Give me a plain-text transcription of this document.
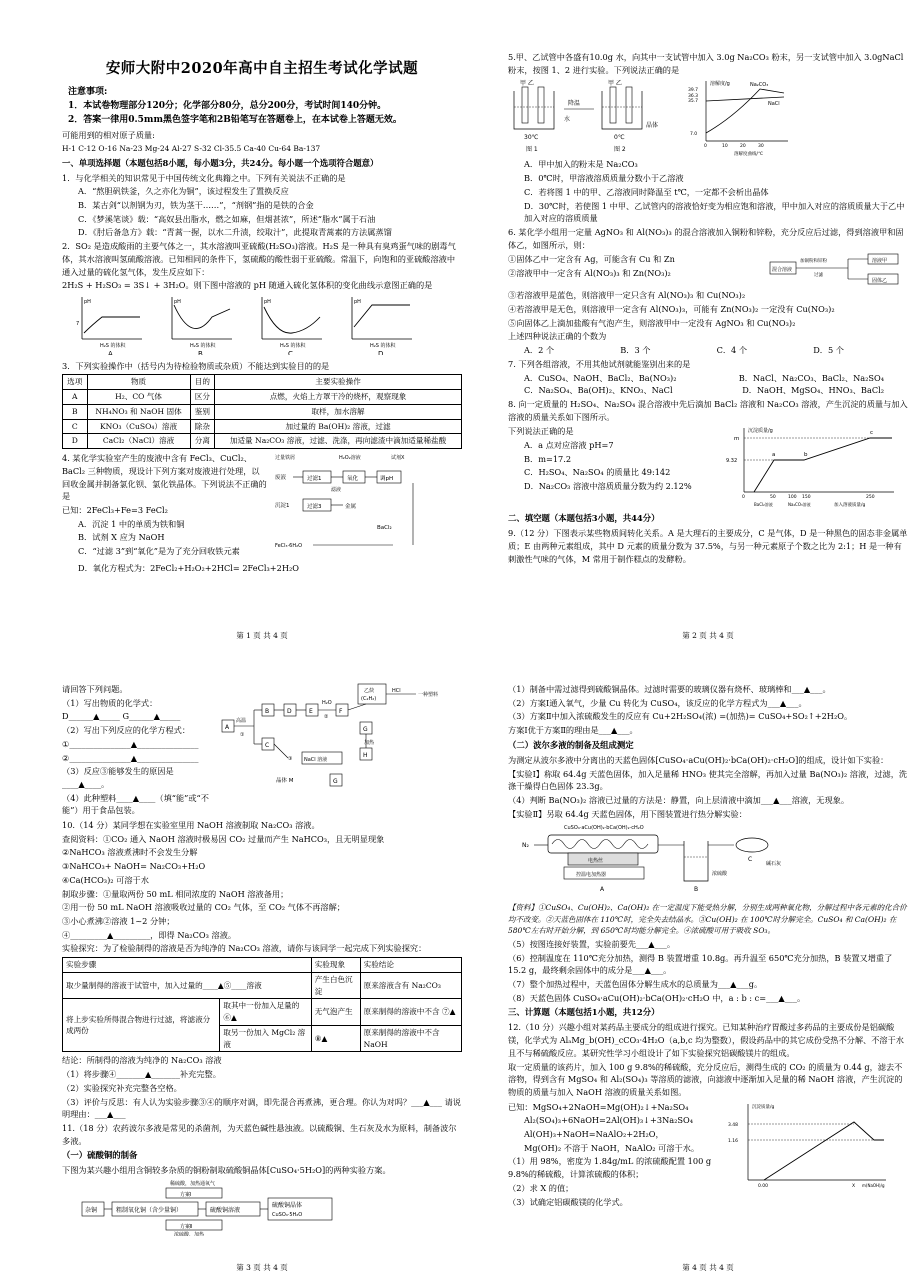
安师大附中2020年高中自主招生考试化学试题
注意事项:
1．本试卷物理部分120分；化学部分80分，总分200分，考试时间140分钟。
2．答案一律用0.5mm黑色签字笔和2B铅笔写在答题卷上，在本试卷上答题无效。
可能用到的相对原子质量:
H-1 C-12 O-16 Na-23 Mg-24 Al-27 S-32 Cl-35.5 Ca-40 Cu-64 Ba-137
一、单项选择题（本题包括8小题，每小题3分，共24分。每小题一个选项符合题意）
1．与化学相关的知识常见于中国传统文化典籍之中。下列有关说法不正确的是
A．“熬胆矾铁釜，久之亦化为铜”，该过程发生了置换反应
B．某古剑“以剂钢为刃，铁为茎干……”，“剂钢”指的是铁的合金
C．《梦溪笔谈》载：“高奴县出脂水，燃之如麻，但烟甚浓”，所述“脂水”属于石油
D．《肘后备急方》载：“青蒿一握，以水二升渍，绞取汁”，此提取青蒿素的方法属蒸馏
2．SO₂ 是造成酸雨的主要气体之一，其水溶液叫亚硫酸(H₂SO₃)溶液。H₂S 是一种具有臭鸡蛋气味的剧毒气体，其水溶液叫氢硫酸溶液。已知相同的条件下，氢硫酸的酸性弱于亚硫酸。常温下，向饱和的亚硫酸溶液中通入过量的硫化氢气体，发生反应如下：
2H₂S + H₂SO₃ = 3S↓ + 3H₂O。则下图中溶液的 pH 随通入硫化氢体积的变化曲线示意图正确的是
pH
7
H₂S 的体积
A
pH
H₂S 的体积
B
pH
H₂S 的体积
C
pH
H₂S 的体积
D
3．下列实验操作中（括号内为待检验物质或杂质）不能达到实验目的的是
选项	物质	目的	主要实验操作
A	H₂、CO 气体	区分	点燃，火焰上方罩干冷的烧杯，观察现象
B	NH₄NO₃ 和 NaOH 固体	鉴别	取样，加水溶解
C	KNO₃（CuSO₄）溶液	除杂	加过量的 Ba(OH)₂ 溶液，过滤
D	CaCl₂（NaCl）溶液	分离	加适量 Na₂CO₃ 溶液，过滤、洗涤，再向滤渣中滴加适量稀盐酸
4. 某化学实验室产生的废液中含有 FeCl₃、CuCl₂、BaCl₂ 三种物质，现设计下列方案对废液进行处理，以回收金属并制备氯化钡、氯化铁晶体。下列说法不正确的是
已知：2FeCl₃+Fe=3 FeCl₂
A．沉淀 1 中的单质为铁和铜
B．试剂 X 应为 NaOH
C．“过滤 3”到“氧化”是为了充分回收铁元素
过量铁屑	H₂O₂溶液	试剂X
废液	过滤1	氧化	调pH
滤液
沉淀1	过滤3	金属
BaCl₂
FeCl₃·6H₂O
D．氧化方程式为：2FeCl₂+H₂O₂+2HCl= 2FeCl₃+2H₂O
第 1 页 共 4 页
5.甲、乙试管中各盛有10.0g 水，向其中一支试管中加入 3.0g Na₂CO₃ 粉末，另一支试管中加入 3.0gNaCl 粉末，按图 1、2 进行实验。下列说法正确的是
甲 乙	甲 乙
降温
水
30℃	0℃
晶体
图 1	图 2
溶解度/g
39.7
36.3
35.7
7.0
0	10	20	30
溶解度曲线/℃
Na₂CO₃
NaCl
A．甲中加入的粉末是 Na₂CO₃
B．0℃时，甲溶液溶质质量分数小于乙溶液
C．若将图 1 中的甲、乙溶液同时降温至 t℃，一定都不会析出晶体
D．30℃时，若使图 1 中甲、乙试管内的溶液恰好变为相应饱和溶液，甲中加入对应的溶质质量大于乙中加入对应的溶质质量
6. 某化学小组用一定量 AgNO₃ 和 Al(NO₃)₃ 的混合溶液加入铜粉和锌粉，充分反应后过滤，得到溶液甲和固体乙，如图所示，则：
①固体乙中一定含有 Ag，可能含有 Cu 和 Zn
②溶液甲中一定含有 Al(NO₃)₃ 和 Zn(NO₃)₂	混合溶液
加铜粉和锌粉
过滤
溶液甲
固体乙
③若溶液甲是蓝色，则溶液甲一定只含有 Al(NO₃)₃ 和 Cu(NO₃)₂
④若溶液甲是无色，则溶液甲一定含有 Al(NO₃)₃，可能有 Zn(NO₃)₂ 一定没有 Cu(NO₃)₂
⑤向固体乙上滴加盐酸有气泡产生，则溶液甲中一定没有 AgNO₃ 和 Cu(NO₃)₂
上述四种说法正确的个数为
A．2 个	B．3 个	C．4 个	D．5 个
7. 下列各组溶液，不用其他试剂就能鉴别出来的是
A．CuSO₄、NaOH、BaCl₂、Ba(NO₃)₂	B．NaCl、Na₂CO₃、BaCl₂、Na₂SO₄
C．Na₂SO₄、Ba(OH)₂、KNO₃、NaCl	D．NaOH、MgSO₄、HNO₃、BaCl₂
8. 向一定质量的 H₂SO₄、Na₂SO₄ 混合溶液中先后滴加 BaCl₂ 溶液和 Na₂CO₃ 溶液，产生沉淀的质量与加入溶液的质量关系如下图所示。
下列说法正确的是
A．a 点对应溶液 pH=7
B．m=17.2
C．H₂SO₄、Na₂SO₄ 的质量比 49:142
D．Na₂CO₃ 溶液中溶质质量分数为约 2.12%
沉淀质量/g
m
9.32
a	b
c
0	50	100 150	250
BaCl₂溶液	Na₂CO₃溶液	加入溶液质量/g
二、填空题（本题包括3小题，共44分）
9.（12 分）下图表示某些物质间转化关系。A 是大理石的主要成分，C 是气体，D 是一种黑色的固态非金属单质；E 由两种元素组成，其中 D 元素的质量分数为 37.5%，与另一种元素原子个数之比为 2:1；H 是一种有刺激性气味的气体，M 常用于制作糕点的发酵粉。
第 2 页 共 4 页
请回答下列问题。
（1）写出物质的化学式：
D______▲_____ G______▲_____
（2）写出下列反应的化学方程式：
①_______________▲_______________
②_______________▲_______________
（3）反应③能够发生的原因是 ____▲____。
（4）此种塑料____▲____（填“能”或“不能”）用于食品包装。
A
高温
①
B	D	E
H₂O
②
F
C
G
加热
乙炔
(C₂H₂)
HCl
一种塑料
H
③ NaCl 溶液
晶体 M	G
10.（14 分）某同学想在实验室里用 NaOH 溶液制取 Na₂CO₃ 溶液。
查阅资料：①CO₂ 通入 NaOH 溶液时极易因 CO₂ 过量而产生 NaHCO₃，且无明显现象
②NaHCO₃ 溶液煮沸时不会发生分解
③NaHCO₃+ NaOH= Na₂CO₃+H₂O
④Ca(HCO₃)₂ 可溶于水
制取步骤：①量取两份 50 mL 相同浓度的 NaOH 溶液备用；
②用一份 50 mL NaOH 溶液吸收过量的 CO₂ 气体，至 CO₂ 气体不再溶解；
③小心煮沸②溶液 1~2 分钟；
④_________▲_________，即得 Na₂CO₃ 溶液。
实验探究：为了检验制得的溶液是否为纯净的 Na₂CO₃ 溶液，请你与该同学一起完成下列实验探究：
实验步骤		实验现象	实验结论
取少量制得的溶液于试管中，加入过量的____▲⑤____溶液		产生白色沉淀	原来溶液含有 Na₂CO₃
将上步实验所得混合物进行过滤，将滤液分成两份	取其中一份加入足量的 ⑥▲	无气泡产生	原来制得的溶液中不含 ⑦▲
	取另一份加入 MgCl₂ 溶液	⑧▲	原来制得的溶液中不含 NaOH
结论：所制得的溶液为纯净的 Na₂CO₃ 溶液
（1）将步骤④_______▲_______补充完整。
（2）实验探究补充完整各空格。
（3）评价与反思：有人认为实验步骤③④的顺序对调，即先混合再煮沸，更合理。你认为对吗？___▲___ 请说明理由：___▲___
11.（18 分）农药波尔多液是常见的杀菌剂，为天蓝色碱性悬浊液。以硫酸铜、生石灰及水为原料，制备波尔多液。
（一）硫酸铜的制备
下图为某兴趣小组用含铜较多杂质的铜粉制取硫酸铜晶体[CuSO₄·5H₂O]的两种实验方案。
稀硫酸，加热通氧气
方案Ⅰ
杂铜	粗制氧化铜（含少量铜）	硫酸铜溶液
硫酸铜晶体
CuSO₄·5H₂O
方案Ⅱ
浓硫酸，加热
第 3 页 共 4 页
（1）制备中需过滤得到硫酸铜晶体。过滤时需要的玻璃仪器有烧杯、玻璃棒和___▲___。
（2）方案Ⅰ通入氧气，少量 Cu 转化为 CuSO₄，该反应的化学方程式为___▲___。
（3）方案Ⅱ中加入浓硫酸发生的反应有 Cu+2H₂SO₄(浓) =(加热)= CuSO₄+SO₂↑+2H₂O。
方案Ⅰ优于方案Ⅱ的理由是___▲___。
（二）波尔多液的制备及组成测定
为测定从波尔多液中分离出的天蓝色固体[CuSO₄·aCu(OH)₂·bCa(OH)₂·cH₂O]的组成，设计如下实验：
【实验Ⅰ】称取 64.4g 天蓝色固体，加入足量稀 HNO₃ 使其完全溶解，再加入过量 Ba(NO₃)₂ 溶液，过滤，洗涤干燥得白色固体 23.3g。
（4）判断 Ba(NO₃)₂ 溶液已过量的方法是：静置，向上层清液中滴加___▲___溶液，无现象。
【实验Ⅱ】另取 64.4g 天蓝色固体，用下图装置进行热分解实验：
CuSO₄·aCu(OH)₂·bCa(OH)₂·cH₂O
N₂
电热丝
控温电加热器	浓硫酸
碱石灰
A	B
C
【资料】①CuSO₄、Cu(OH)₂、Ca(OH)₂ 在一定温度下能受热分解，分别生成两种氧化物，分解过程中各元素的化合价均不改变。②天蓝色固体在 110℃时，完全失去结晶水。③Cu(OH)₂ 在 100℃时分解完全。CuSO₄ 和 Ca(OH)₂ 在 580℃左右时开始分解，到 650℃时均能分解完全。④浓硫酸可用于吸收 SO₃。
（5）按图连接好装置，实验前要先___▲___。
（6）控制温度在 110℃充分加热，测得 B 装置增重 10.8g。再升温至 650℃充分加热，B 装置又增重了 15.2 g，最终剩余固体中的成分是___▲___。
（7）整个加热过程中，天蓝色固体分解生成水的总质量为___▲___g。
（8）天蓝色固体 CuSO₄·aCu(OH)₂·bCa(OH)₂·cH₂O 中，a : b : c=___▲___。
三、计算题（本题包括1小题，共12分）
12.（10 分）兴趣小组对某药品主要成分的组成进行探究。已知某种治疗胃酸过多药品的主要成份是铝碳酸镁，化学式为 AlₐMg_b(OH)_cCO₃·4H₂O（a,b,c 均为整数），假设药品中的其它成份受热不分解、不溶于水且不与稀硫酸反应。某研究性学习小组设计了如下实验探究铝碳酸镁片的组成。
取一定质量的该药片，加入 100 g 9.8%的稀硫酸，充分反应后，测得生成的 CO₂ 的质量为 0.44 g，滤去不溶物，得到含有 MgSO₄ 和 Al₂(SO₄)₃ 等溶质的滤液，向滤液中逐渐加入足量的稀 NaOH 溶液，产生沉淀的物质的质量与加入 NaOH 溶液的质量关系如图。
已知：MgSO₄+2NaOH=Mg(OH)₂↓+Na₂SO₄
Al₂(SO₄)₃+6NaOH=2Al(OH)₃↓+3Na₂SO₄
Al(OH)₃+NaOH=NaAlO₂+2H₂O，
Mg(OH)₂ 不溶于 NaOH，NaAlO₂ 可溶于水。
（1）用 98%，密度为 1.84g/mL 的浓硫酸配置 100 g 9.8%的稀硫酸，计算浓硫酸的体积；
（2）求 X 的值；
（3）试确定铝碳酸镁的化学式。
沉淀质量/g
3.48
1.16
0.00	X m(NaOH)/g
第 4 页 共 4 页
